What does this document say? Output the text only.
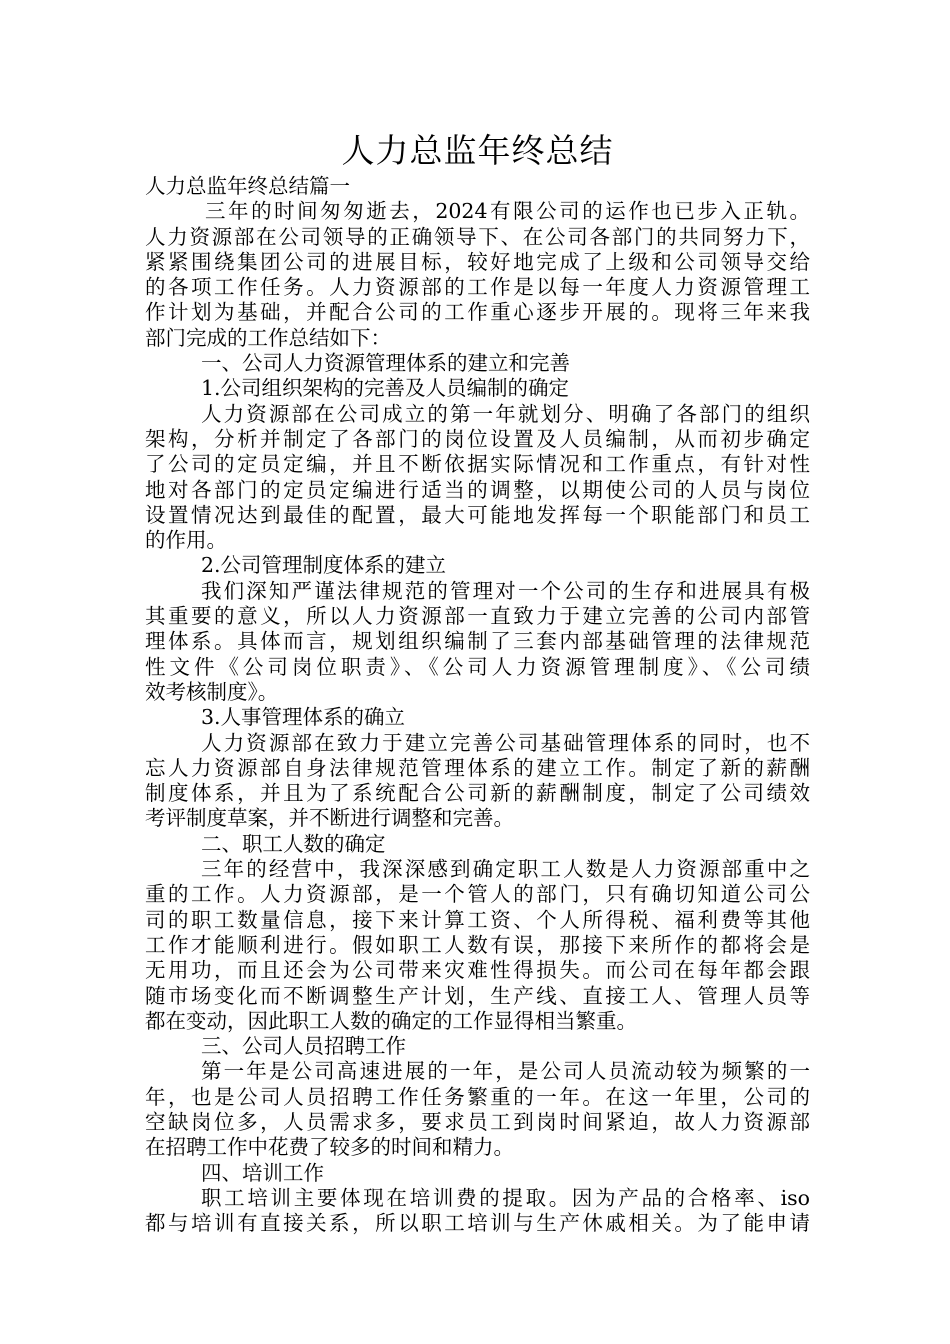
人力总监年终总结
人力总监年终总结篇一
三年的时间匆匆逝去，2024有限公司的运作也已步入正轨。
人力资源部在公司领导的正确领导下、在公司各部门的共同努力下，
紧紧围绕集团公司的进展目标，较好地完成了上级和公司领导交给
的各项工作任务。人力资源部的工作是以每一年度人力资源管理工
作计划为基础，并配合公司的工作重心逐步开展的。现将三年来我
部门完成的工作总结如下：
一、公司人力资源管理体系的建立和完善
1.公司组织架构的完善及人员编制的确定
人力资源部在公司成立的第一年就划分、明确了各部门的组织
架构，分析并制定了各部门的岗位设置及人员编制，从而初步确定
了公司的定员定编，并且不断依据实际情况和工作重点，有针对性
地对各部门的定员定编进行适当的调整，以期使公司的人员与岗位
设置情况达到最佳的配置，最大可能地发挥每一个职能部门和员工
的作用。
2.公司管理制度体系的建立
我们深知严谨法律规范的管理对一个公司的生存和进展具有极
其重要的意义，所以人力资源部一直致力于建立完善的公司内部管
理体系。具体而言，规划组织编制了三套内部基础管理的法律规范
性文件《公司岗位职责》、《公司人力资源管理制度》、《公司绩
效考核制度》。
3.人事管理体系的确立
人力资源部在致力于建立完善公司基础管理体系的同时，也不
忘人力资源部自身法律规范管理体系的建立工作。制定了新的薪酬
制度体系，并且为了系统配合公司新的薪酬制度，制定了公司绩效
考评制度草案，并不断进行调整和完善。
二、职工人数的确定
三年的经营中，我深深感到确定职工人数是人力资源部重中之
重的工作。人力资源部，是一个管人的部门，只有确切知道公司公
司的职工数量信息，接下来计算工资、个人所得税、福利费等其他
工作才能顺利进行。假如职工人数有误，那接下来所作的都将会是
无用功，而且还会为公司带来灾难性得损失。而公司在每年都会跟
随市场变化而不断调整生产计划，生产线、直接工人、管理人员等
都在变动，因此职工人数的确定的工作显得相当繁重。
三、公司人员招聘工作
第一年是公司高速进展的一年，是公司人员流动较为频繁的一
年，也是公司人员招聘工作任务繁重的一年。在这一年里，公司的
空缺岗位多，人员需求多，要求员工到岗时间紧迫，故人力资源部
在招聘工作中花费了较多的时间和精力。
四、培训工作
职工培训主要体现在培训费的提取。因为产品的合格率、iso
都与培训有直接关系，所以职工培训与生产休戚相关。为了能申请
